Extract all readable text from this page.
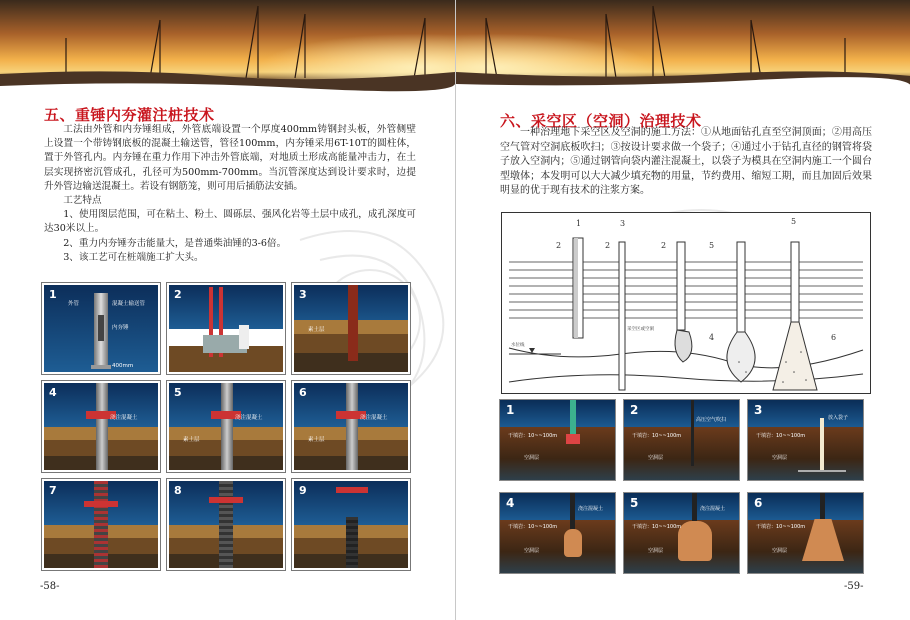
五、重锤内夯灌注桩技术

工法由外管和内夯锤组成，外管底端设置一个厚度400mm铸钢封头板，外管侧壁上设置一个带铸钢底板的混凝土输送管，管径100mm，内夯锤采用6T-10T的圆柱体，置于外管孔内。内夯锤在重力作用下冲击外管底端，对地质土形成高能量冲击力，在土层实现挤密沉管成孔，孔径可为500mm-700mm。当沉管深度达到设计要求时，边提升外管边输送混凝土。若设有钢筋笼，则可用后插筋法安插。

工艺特点

1、使用图层范围，可在粘土、粉土、圆砾层、强风化岩等土层中成孔，成孔深度可达30米以上。

2、重力内夯锤夯击能量大，是普通柴油锤的3-6倍。

3、该工艺可在桩端施工扩大头。

1
外管	混凝土输送管
内夯锤
400mm
2	3
素土层
4
浇注混凝土
5
浇注混凝土
素土层
6
浇注混凝土
素土层
7	8	9
-58-
六、采空区（空洞）治理技术

一种治理地下采空区及空洞的施工方法：①从地面钻孔直至空洞顶面；②用高压空气管对空洞底板吹扫；③按设计要求做一个袋子；④通过小于钻孔直径的钢管将袋子放入空洞内；⑤通过钢管向袋内灌注混凝土，以袋子为模具在空洞内施工一个圆台型墩体；本发明可以大大减少填充物的用量，节约费用、缩短工期，而且加固后效果明显的优于现有技术的注浆方案。

1
2
3
2	2	5
5
4	6
水位线
采空区或空洞
1
干填岩：10~~100m
空洞层
2
高压空气吹扫
干填岩：10~~100m
空洞层
3
放入袋子
干填岩：10~~100m
空洞层
4	浇注混凝土
干填岩：10~~100m
空洞层
5	浇注混凝土
干填岩：10~~100m
空洞层
6
干填岩：10~~100m
空洞层
-59-
